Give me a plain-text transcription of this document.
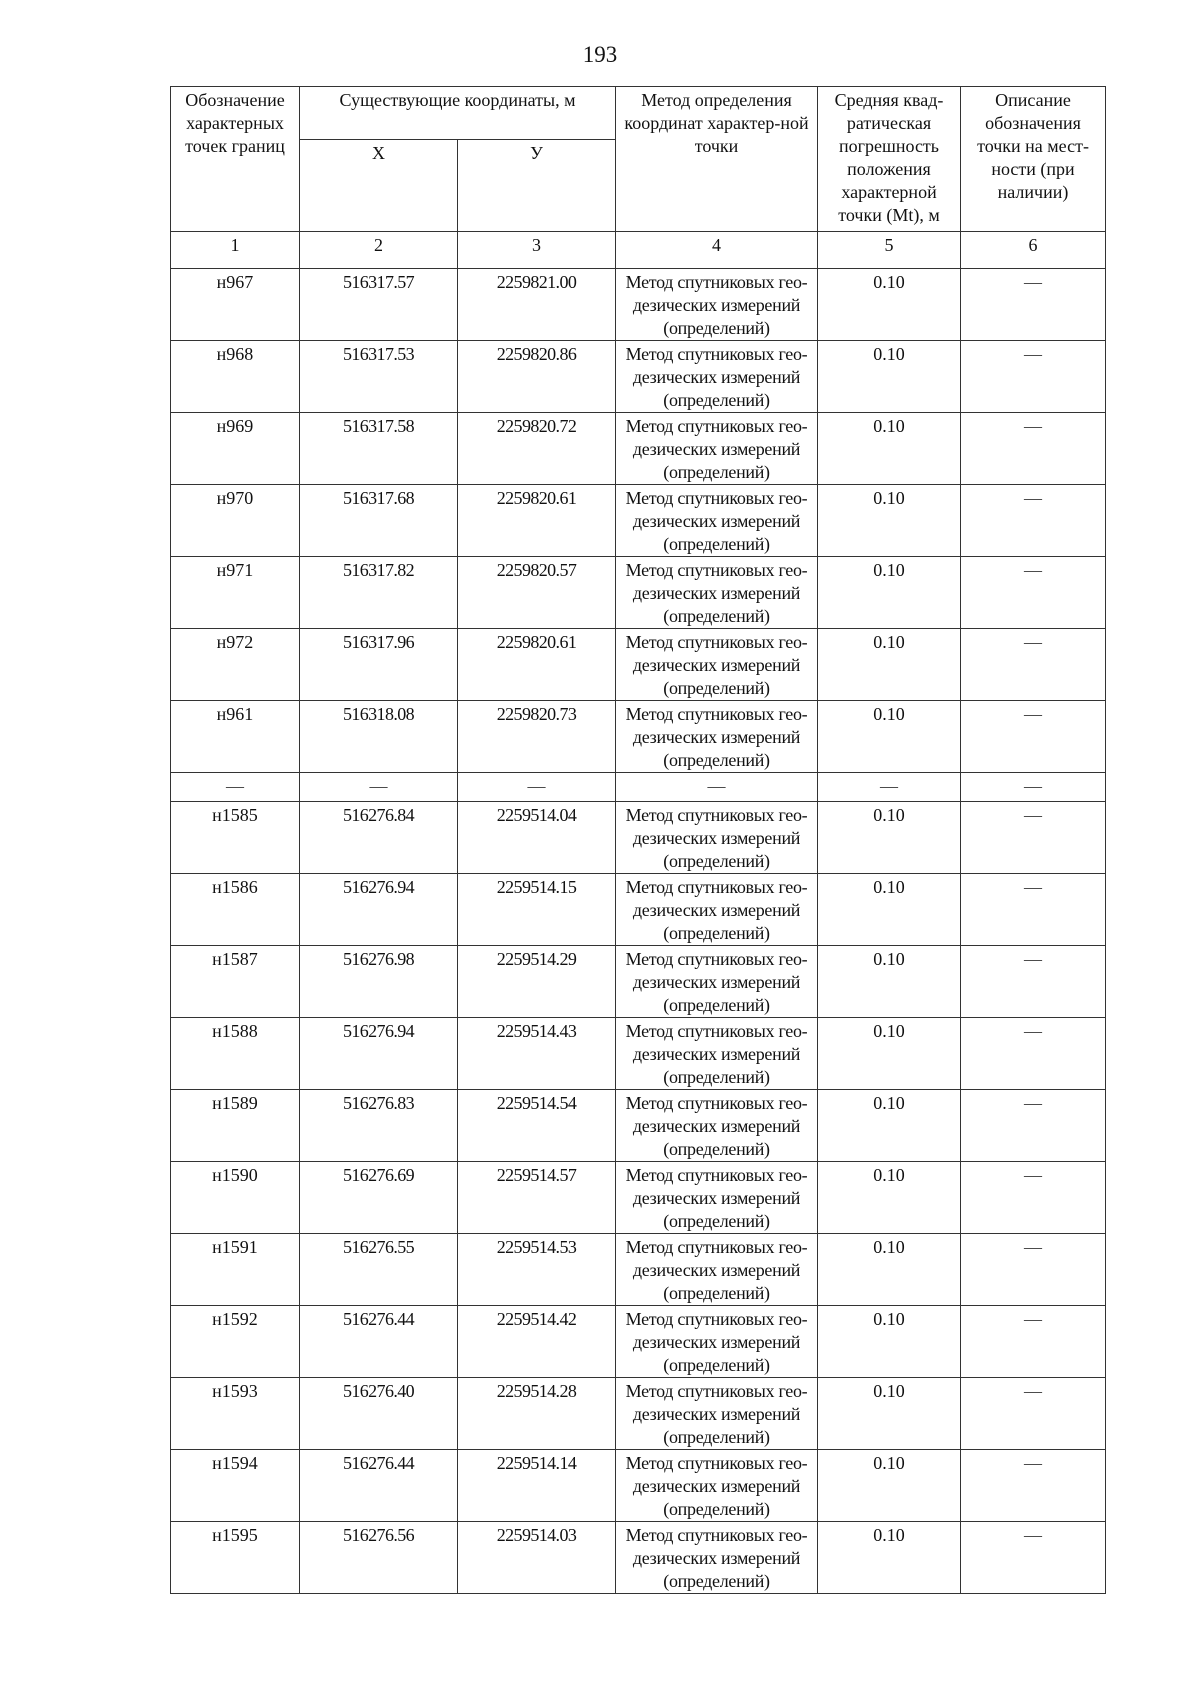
193
Обозначение характерных точек границ	Существующие координаты, м		Метод определения координат характер-ной точки	Средняя квад-ратическая погрешность положения характерной точки (Mt), м	Описание обозначения точки на мест-ности (при наличии)
	X	У			
1	2	3	4	5	6
н967	516317.57	2259821.00	Метод спутниковых гео-дезических измерений (определений)	0.10	—
н968	516317.53	2259820.86	Метод спутниковых гео-дезических измерений (определений)	0.10	—
н969	516317.58	2259820.72	Метод спутниковых гео-дезических измерений (определений)	0.10	—
н970	516317.68	2259820.61	Метод спутниковых гео-дезических измерений (определений)	0.10	—
н971	516317.82	2259820.57	Метод спутниковых гео-дезических измерений (определений)	0.10	—
н972	516317.96	2259820.61	Метод спутниковых гео-дезических измерений (определений)	0.10	—
н961	516318.08	2259820.73	Метод спутниковых гео-дезических измерений (определений)	0.10	—
—	—	—	—	—	—
н1585	516276.84	2259514.04	Метод спутниковых гео-дезических измерений (определений)	0.10	—
н1586	516276.94	2259514.15	Метод спутниковых гео-дезических измерений (определений)	0.10	—
н1587	516276.98	2259514.29	Метод спутниковых гео-дезических измерений (определений)	0.10	—
н1588	516276.94	2259514.43	Метод спутниковых гео-дезических измерений (определений)	0.10	—
н1589	516276.83	2259514.54	Метод спутниковых гео-дезических измерений (определений)	0.10	—
н1590	516276.69	2259514.57	Метод спутниковых гео-дезических измерений (определений)	0.10	—
н1591	516276.55	2259514.53	Метод спутниковых гео-дезических измерений (определений)	0.10	—
н1592	516276.44	2259514.42	Метод спутниковых гео-дезических измерений (определений)	0.10	—
н1593	516276.40	2259514.28	Метод спутниковых гео-дезических измерений (определений)	0.10	—
н1594	516276.44	2259514.14	Метод спутниковых гео-дезических измерений (определений)	0.10	—
н1595	516276.56	2259514.03	Метод спутниковых гео-дезических измерений (определений)	0.10	—
